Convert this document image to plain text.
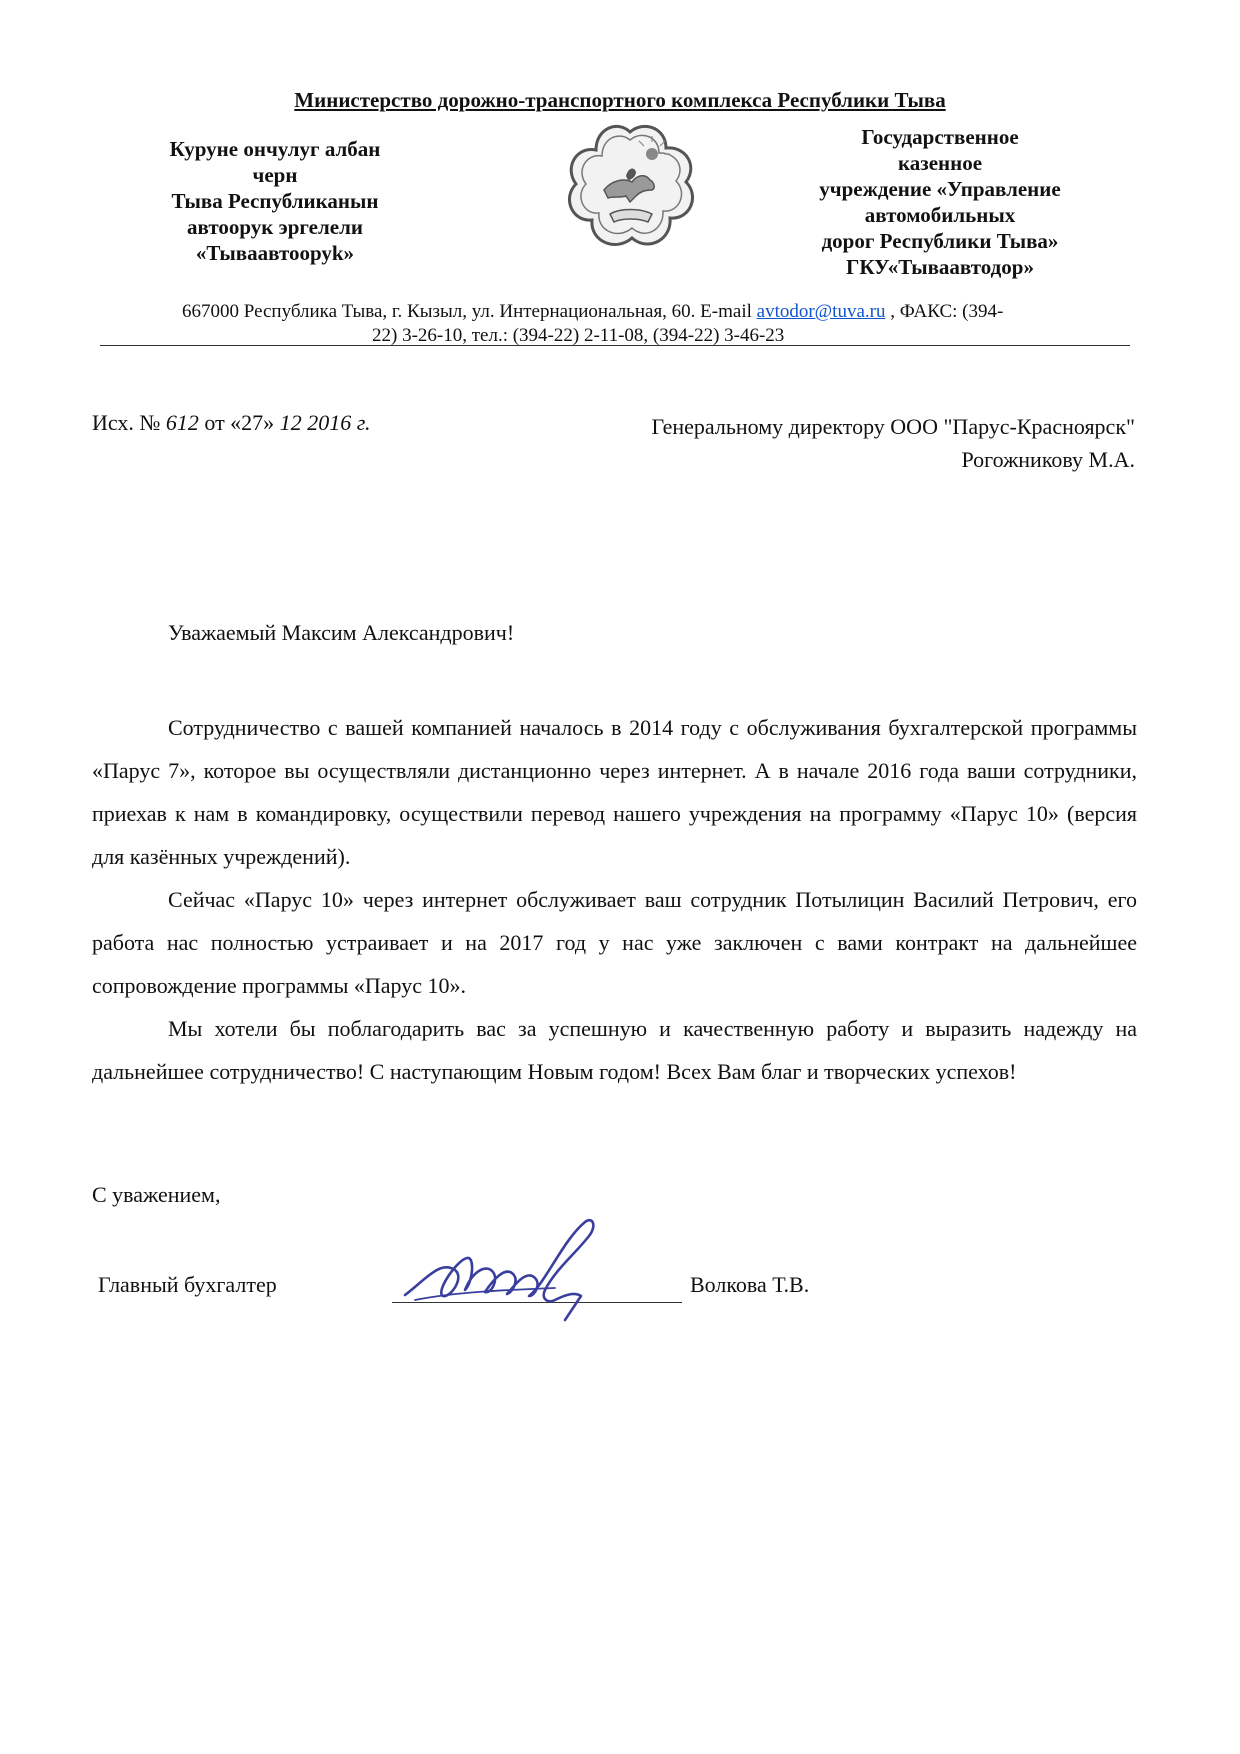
Министерство дорожно-транспортного комплекса Республики Тыва
Куруне ончулуг албан
черн
Тыва Республиканын
автоорук эргелели
«Тываавтооруk»
Государственное
казенное
учреждение «Управление
автомобильных
дорог Республики Тыва»
ГКУ«Тываавтодор»
667000 Республика Тыва, г. Кызыл, ул. Интернациональная, 60. E-mail avtodor@tuva.ru , ФАКС: (394-
22) 3-26-10, тел.: (394-22) 2-11-08, (394-22) 3-46-23
Исх. № 612 от «27» 12 2016 г.	Генеральному директору ООО "Парус-Красноярск"
Рогожникову М.А.
Уважаемый Максим Александрович!

Сотрудничество с вашей компанией началось в 2014 году с обслуживания бухгалтерской программы «Парус 7», которое вы осуществляли дистанционно через интернет. А в начале 2016 года ваши сотрудники, приехав к нам в командировку, осуществили перевод нашего учреждения на программу «Парус 10» (версия для казённых учреждений).

Сейчас «Парус 10» через интернет обслуживает ваш сотрудник Потылицин Василий Петрович, его работа нас полностью устраивает и на 2017 год у нас уже заключен с вами контракт на дальнейшее сопровождение программы «Парус 10».

Мы хотели бы поблагодарить вас за успешную и качественную работу и выразить надежду на дальнейшее сотрудничество! С наступающим Новым годом! Всех Вам благ и творческих успехов!

С уважением,
Главный бухгалтер	Волкова Т.В.
